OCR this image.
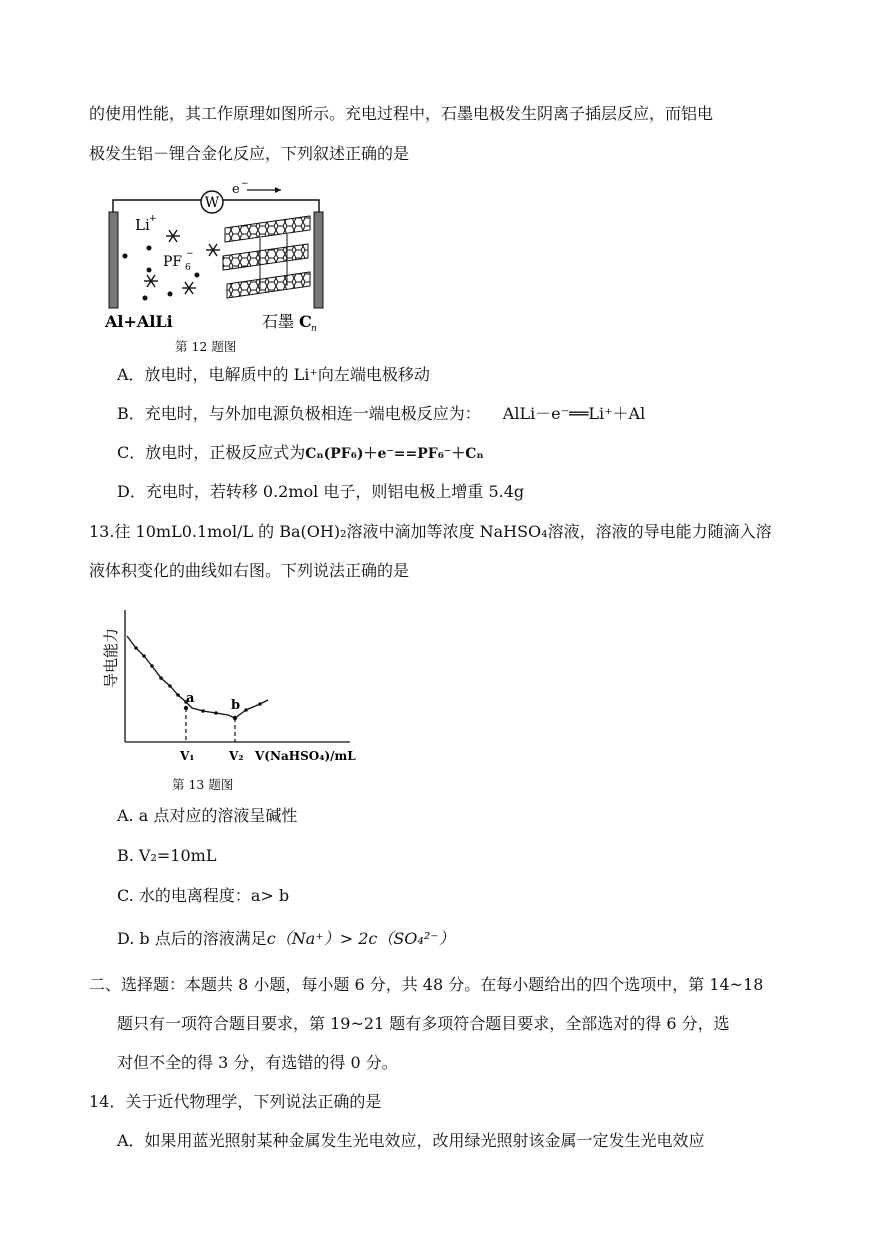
的使用性能，其工作原理如图所示。充电过程中，石墨电极发生阴离子插层反应，而铝电
极发生铝－锂合金化反应，下列叙述正确的是
W
e −
Li +
PF 6
−
Al+AlLi	石墨 C n
第 12 题图
A．放电时，电解质中的 Li⁺向左端电极移动
B．充电时，与外加电源负极相连一端电极反应为： AlLi－e⁻══Li⁺＋Al
C．放电时，正极反应式为Cₙ(PF₆)＋e⁻==PF₆⁻＋Cₙ
D．充电时，若转移 0.2mol 电子，则铝电极上增重 5.4g
13.往 10mL0.1mol/L 的 Ba(OH)₂溶液中滴加等浓度 NaHSO₄溶液，溶液的导电能力随滴入溶
液体积变化的曲线如右图。下列说法正确的是
导电能力
a	b
V₁	V₂ V(NaHSO₄)/mL
第 13 题图
A. a 点对应的溶液呈碱性
B. V₂=10mL
C. 水的电离程度：a> b
D. b 点后的溶液满足c（Na⁺）> 2c（SO₄²⁻）
二、选择题：本题共 8 小题，每小题 6 分，共 48 分。在每小题给出的四个选项中，第 14~18
题只有一项符合题目要求，第 19~21 题有多项符合题目要求，全部选对的得 6 分，选
对但不全的得 3 分，有选错的得 0 分。
14．关于近代物理学，下列说法正确的是
A．如果用蓝光照射某种金属发生光电效应，改用绿光照射该金属一定发生光电效应
